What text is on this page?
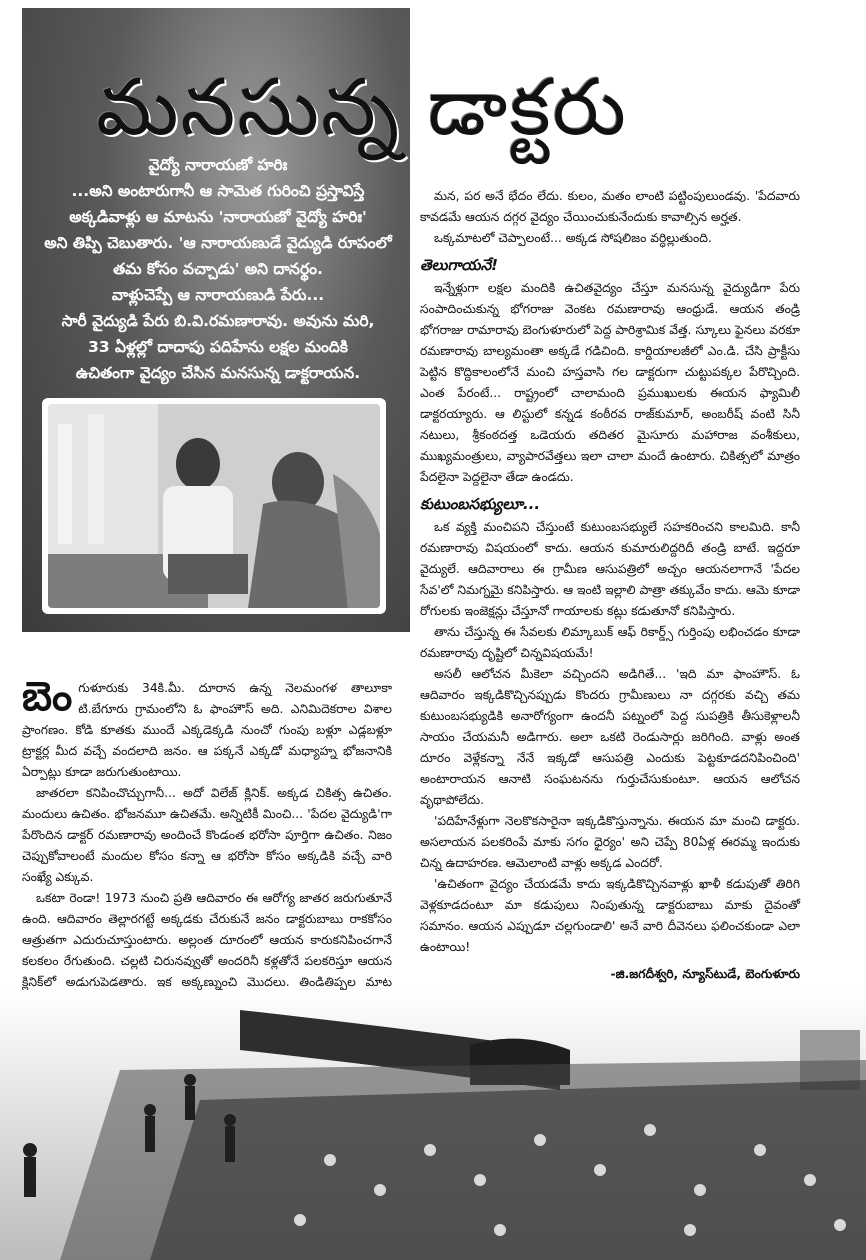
మనసున్న డాక్టరు

వైద్యో నారాయణో హరిః

...అని అంటారుగానీ ఆ సామెత గురించి ప్రస్తావిస్తే

అక్కడివాళ్లు ఆ మాటను 'నారాయణో వైద్యో హరిః'

అని తిప్పి చెబుతారు. 'ఆ నారాయణుడే వైద్యుడి రూపంలో

తమ కోసం వచ్చాడు' అని దానర్థం.

వాళ్లుచెప్పే ఆ నారాయణుడి పేరు...

సారీ వైద్యుడి పేరు బి.వి.రమణారావు. అవును మరి,

33 ఏళ్లల్లో దాదాపు పదిహేను లక్షల మందికి

ఉచితంగా వైద్యం చేసిన మనసున్న డాక్టరాయన.

మన, పర అనే భేదం లేదు. కులం, మతం లాంటి పట్టింపులుండవు. 'పేదవారు కావడమే ఆయన దగ్గర వైద్యం చేయించుకునేందుకు కావాల్సిన అర్హత.

ఒక్కమాటలో చెప్పాలంటే... అక్కడ సోషలిజం వర్ధిల్లుతుంది.

తెలుగాయనే!

ఇన్నేళ్లుగా లక్షల మందికి ఉచితవైద్యం చేస్తూ మనసున్న వైద్యుడిగా పేరు సంపాదించుకున్న భోగరాజు వెంకట రమణారావు ఆంధ్రుడే. ఆయన తండ్రి భోగరాజు రామారావు బెంగుళూరులో పెద్ద పారిశ్రామిక వేత్త. స్కూలు ఫైనలు వరకూ రమణారావు బాల్యమంతా అక్కడే గడిచింది. కార్డియాలజీలో ఎం.డి. చేసి ప్రాక్టీసు పెట్టిన కొద్దికాలంలోనే మంచి హస్తవాసి గల డాక్టరుగా చుట్టుపక్కల పేరొచ్చింది. ఎంత పేరంటే... రాష్ట్రంలో చాలామంది ప్రముఖులకు ఈయన ఫ్యామిలీ డాక్టరయ్యారు. ఆ లిస్టులో కన్నడ కంఠీరవ రాజ్‌కుమార్, అంబరీష్ వంటి సినీ నటులు, శ్రీకంఠదత్త ఒడెయరు తదితర మైసూరు మహారాజ వంశీకులు, ముఖ్యమంత్రులు, వ్యాపారవేత్తలు ఇలా చాలా మందే ఉంటారు. చికిత్సలో మాత్రం పేదలైనా పెద్దలైనా తేడా ఉండదు.

కుటుంబసభ్యులూ...

ఒక వ్యక్తి మంచిపని చేస్తుంటే కుటుంబసభ్యులే సహకరించని కాలమిది. కానీ రమణారావు విషయంలో కాదు. ఆయన కుమారులిద్దరిదీ తండ్రి బాటే. ఇద్దరూ వైద్యులే. ఆదివారాలు ఈ గ్రామీణ ఆసుపత్రిలో అచ్చం ఆయనలాగానే 'పేదల సేవ'లో నిమగ్నమై కనిపిస్తారు. ఆ ఇంటి ఇల్లాలి పాత్రా తక్కువేం కాదు. ఆమె కూడా రోగులకు ఇంజెక్షన్లు చేస్తూనో గాయాలకు కట్లు కడుతూనో కనిపిస్తారు.

తాను చేస్తున్న ఈ సేవలకు లిమ్కాబుక్ ఆఫ్ రికార్డ్స్ గుర్తింపు లభించడం కూడా రమణారావు దృష్టిలో చిన్నవిషయమే!

అసలీ ఆలోచన మీకెలా వచ్చిందని అడిగితే... 'ఇది మా ఫాంహౌస్. ఓ ఆదివారం ఇక్కడికొచ్చినప్పుడు కొందరు గ్రామీణులు నా దగ్గరకు వచ్చి తమ కుటుంబసభ్యుడికి అనారోగ్యంగా ఉందనీ పట్నంలో పెద్ద సుపత్రికి తీసుకెళ్లాలనీ సాయం చేయమనీ అడిగారు. అలా ఒకటి రెండుసార్లు జరిగింది. వాళ్లు అంత దూరం వెళ్లేకన్నా నేనే ఇక్కడో ఆసుపత్రి ఎందుకు పెట్టకూడదనిపించింది' అంటారాయన ఆనాటి సంఘటనను గుర్తుచేసుకుంటూ. ఆయన ఆలోచన వృథాపోలేదు.

'పదిహేనేళ్లుగా నెలకొకసారైనా ఇక్కడికొస్తున్నాను. ఈయన మా మంచి డాక్టరు. అసలాయన పలకరింపే మాకు సగం ధైర్యం' అని చెప్పే 80ఏళ్ల ఈరమ్మ ఇందుకు చిన్న ఉదాహరణ. ఆమెలాంటి వాళ్లు అక్కడ ఎందరో.

'ఉచితంగా వైద్యం చేయడమే కాదు ఇక్కడికొచ్చినవాళ్లు ఖాళీ కడుపుతో తిరిగి వెళ్లకూడదంటూ మా కడుపులు నింపుతున్న డాక్టరుబాబు మాకు దైవంతో సమానం. ఆయన ఎప్పుడూ చల్లగుండాలి' అనే వారి దీవెనలు ఫలించకుండా ఎలా ఉంటాయి!

-జి.జగదీశ్వరి, న్యూస్‌టుడే, బెంగుళూరు

బెం గుళూరుకు 34కి.మీ. దూరాన ఉన్న నెలమంగళ తాలూకా టి.బేగూరు గ్రామంలోని ఓ ఫాంహౌస్ అది. ఎనిమిదెకరాల విశాల ప్రాంగణం. కోడి కూతకు ముందే ఎక్కడెక్కడి నుంచో గుంపు బళ్లూ ఎడ్లబళ్లూ ట్రాక్టర్ల మీద వచ్చే వందలాది జనం. ఆ పక్కనే ఎక్కడో మధ్యాహ్న భోజనానికి ఏర్పాట్లు కూడా జరుగుతుంటాయి.

జాతరలా కనిపించొచ్చుగానీ... అదో విలేజ్ క్లినిక్. అక్కడ చికిత్స ఉచితం. మందులు ఉచితం. భోజనమూ ఉచితమే. అన్నిటికీ మించి... 'పేదల వైద్యుడి'గా పేరొందిన డాక్టర్ రమణారావు అందించే కొండంత భరోసా పూర్తిగా ఉచితం. నిజం చెప్పుకోవాలంటే మందుల కోసం కన్నా ఆ భరోసా కోసం అక్కడికి వచ్చే వారి సంఖ్యే ఎక్కువ.

ఒకటా రెండా! 1973 నుంచి ప్రతి ఆదివారం ఈ ఆరోగ్య జాతర జరుగుతూనే ఉంది. ఆదివారం తెల్లారగట్టే అక్కడకు చేరుకునే జనం డాక్టరుబాబు రాకకోసం ఆత్రుతగా ఎదురుచూస్తుంటారు. అల్లంత దూరంలో ఆయన కారుకనిపించగానే కలకలం రేగుతుంది. చల్లటి చిరునవ్వుతో అందరినీ కళ్లతోనే పలకరిస్తూ ఆయన క్లినిక్‌లో అడుగుపెడతారు. ఇక అక్కణ్నుంచి మొదలు. తిండితిప్పల మాట
